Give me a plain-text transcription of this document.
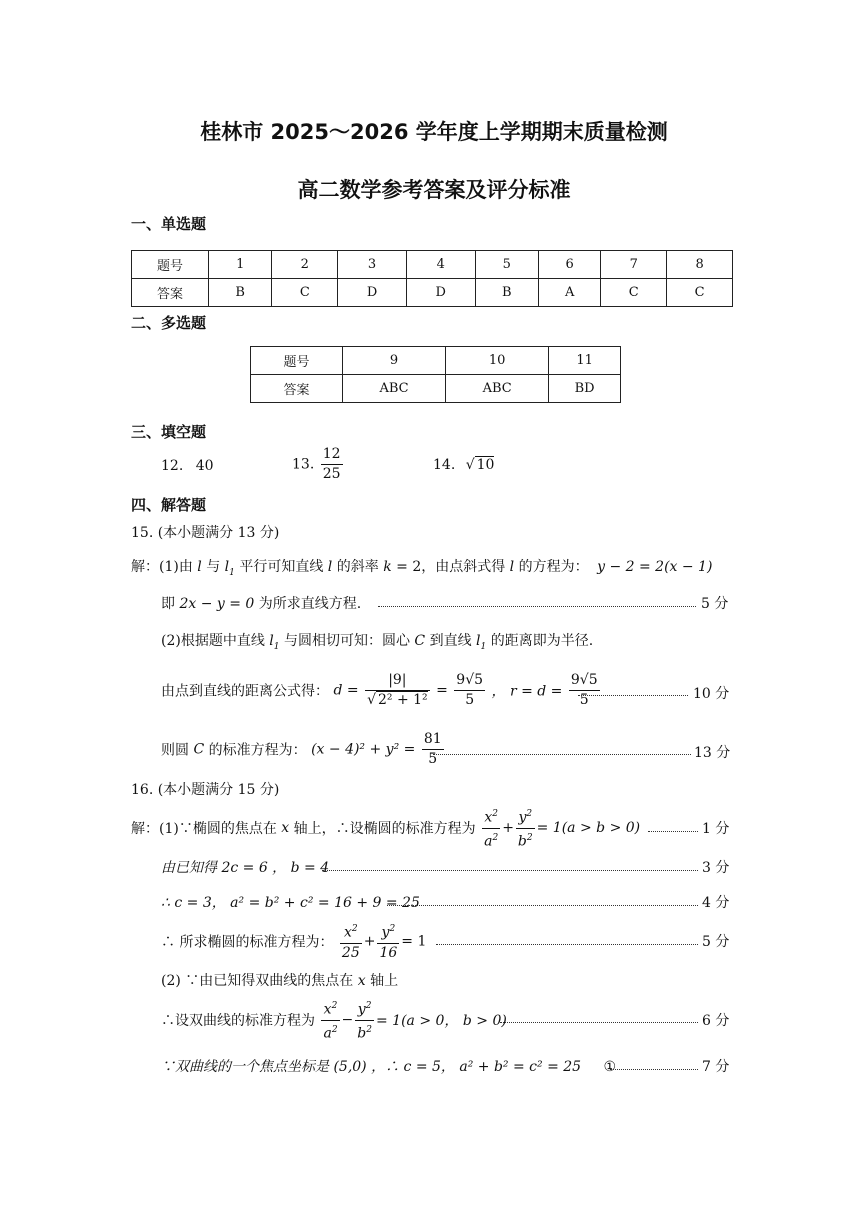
桂林市 2025～2026 学年度上学期期末质量检测
高二数学参考答案及评分标准
一、单选题
题号	1	2	3	4	5	6	7	8
答案	B	C	D	D	B	A	C	C
二、多选题
题号	9	10	11
答案	ABC	ABC	BD
三、填空题
12. 40	13. $\frac{12}{25}$	14. √ 10
四、解答题
15. (本小题满分 13 分)
解：(1)由 l 与 $l_1$ 平行可知直线 l 的斜率 k = 2，由点斜式得 l 的方程为： y − 2 = 2(x − 1)
即 2x − y = 0 为所求直线方程.	5 分
(2)根据题中直线 $l_1$ 与圆相切可知：圆心 C 到直线 $l_1$ 的距离即为半径.
由点到直线的距离公式得： $d = \frac{|9|}{\text{√ 2² + 1²}} = \frac{9√5}{5}$ ， $r = d = \frac{9√5}{5}$	10 分
则圆 C 的标准方程为： $(x - 4)^2 + y^2 = \frac{81}{5}$	13 分
16. (本小题满分 15 分)
解：(1)∵椭圆的焦点在 x 轴上，∴设椭圆的标准方程为 $\frac{x^2}{a^2} + \frac{y^2}{b^2} = 1(a > b > 0)$	1 分
由已知得 2c = 6 ， b = 4	3 分
∴ c = 3， a² = b² + c² = 16 + 9 = 25	4 分
∴ 所求椭圆的标准方程为： $\frac{x^2}{25} + \frac{y^2}{16} = 1$	5 分
(2) ∵由已知得双曲线的焦点在 x 轴上
∴设双曲线的标准方程为 $\frac{x^2}{a^2} - \frac{y^2}{b^2} = 1(a > 0$， b > 0)	6 分
∵双曲线的一个焦点坐标是 (5,0) ，∴ c = 5， a² + b² = c² = 25 ①	7 分
